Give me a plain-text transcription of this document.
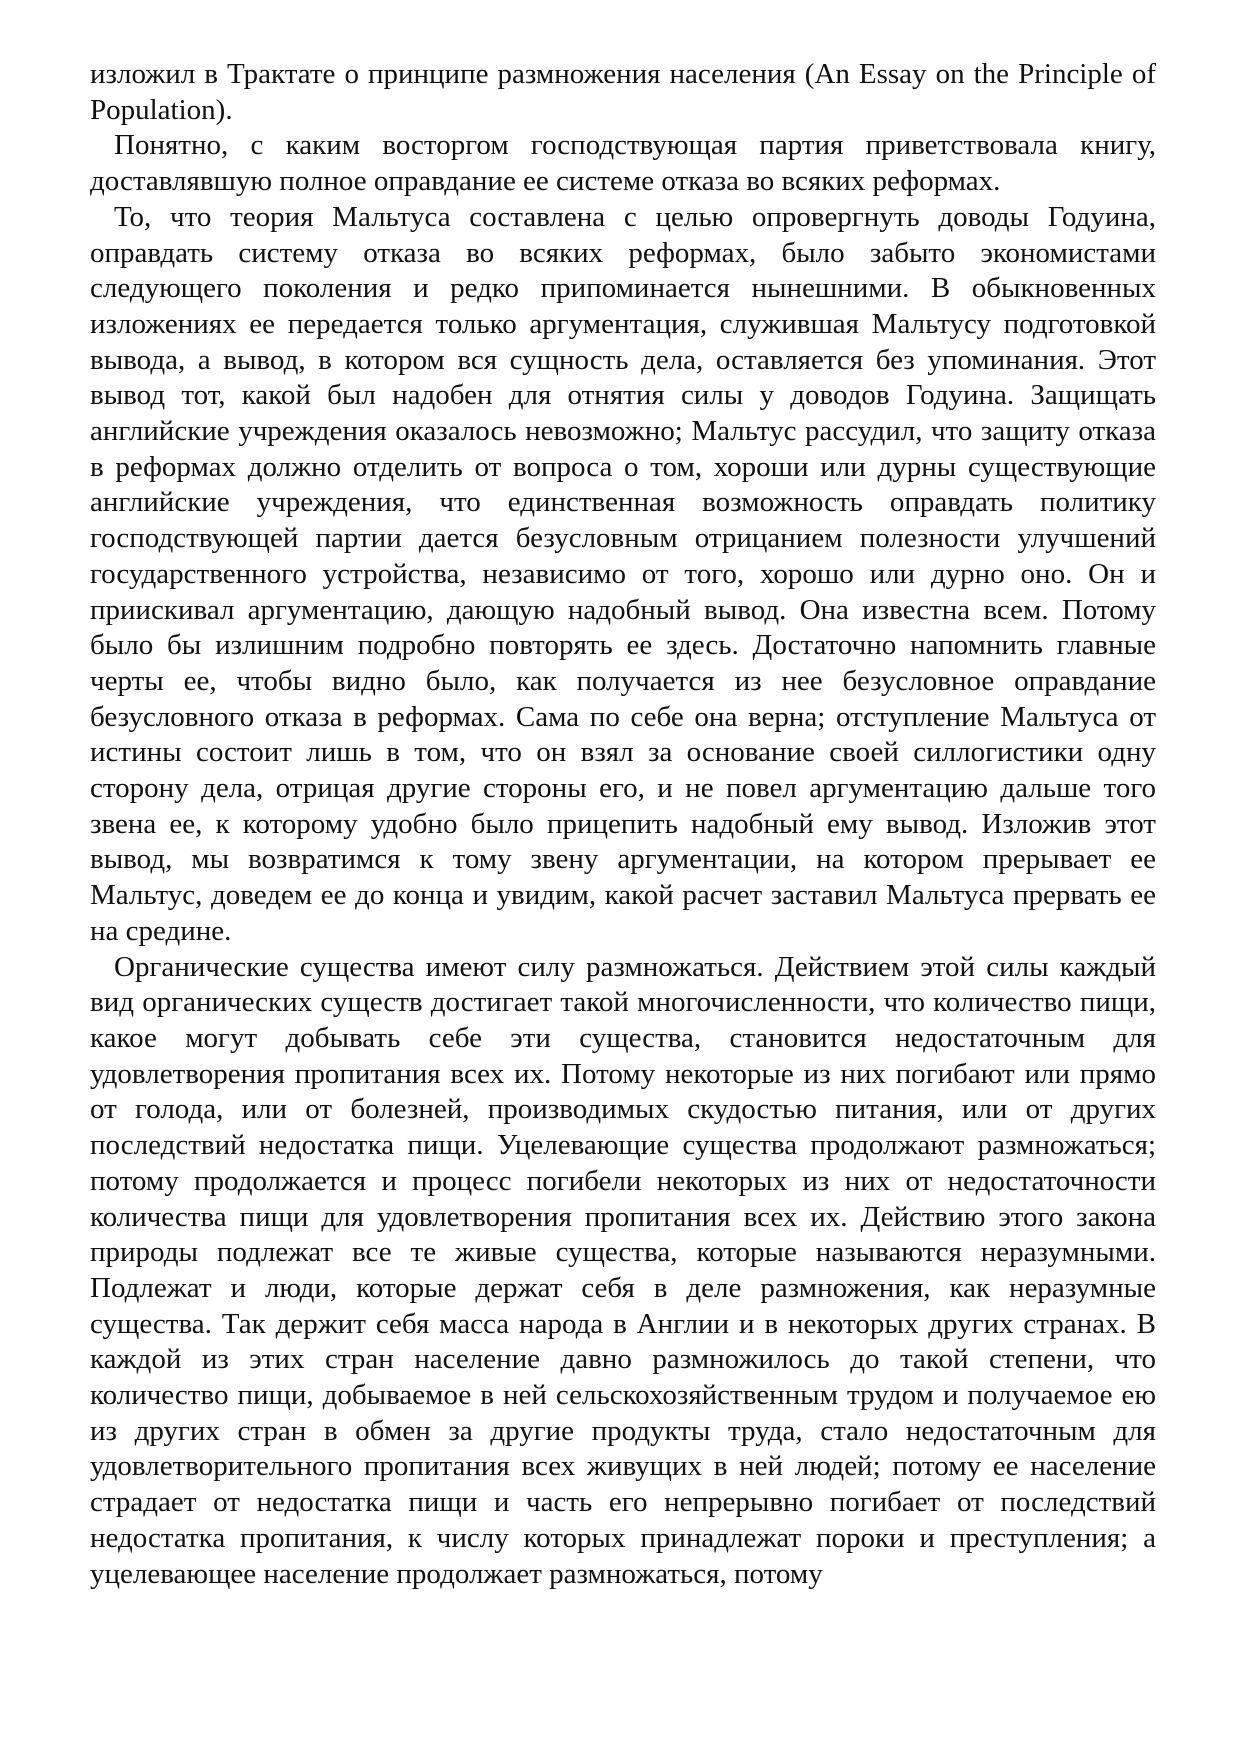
изложил в Трактате о принципе размножения населения (An Essay on the Principle of Population).

Понятно, с каким восторгом господствующая партия приветствовала книгу, доставлявшую полное оправдание ее системе отказа во всяких реформах.

То, что теория Мальтуса составлена с целью опровергнуть доводы Годуина, оправдать систему отказа во всяких реформах, было забыто экономистами следующего поколения и редко припоминается нынешними. В обыкновенных изложениях ее передается только аргументация, служившая Мальтусу подготовкой вывода, а вывод, в котором вся сущность дела, оставляется без упоминания. Этот вывод тот, какой был надобен для отнятия силы у доводов Годуина. Защищать английские учреждения оказалось невозможно; Мальтус рассудил, что защиту отказа в реформах должно отделить от вопроса о том, хороши или дурны существующие английские учреждения, что единственная возможность оправдать политику господствующей партии дается безусловным отрицанием полезности улучшений государственного устройства, независимо от того, хорошо или дурно оно. Он и приискивал аргументацию, дающую надобный вывод. Она известна всем. Потому было бы излишним подробно повторять ее здесь. Достаточно напомнить главные черты ее, чтобы видно было, как получается из нее безусловное оправдание безусловного отказа в реформах. Сама по себе она верна; отступление Мальтуса от истины состоит лишь в том, что он взял за основание своей силлогистики одну сторону дела, отрицая другие стороны его, и не повел аргументацию дальше того звена ее, к которому удобно было прицепить надобный ему вывод. Изложив этот вывод, мы возвратимся к тому звену аргументации, на котором прерывает ее Мальтус, доведем ее до конца и увидим, какой расчет заставил Мальтуса прервать ее на средине.

Органические существа имеют силу размножаться. Действием этой силы каждый вид органических существ достигает такой многочисленности, что количество пищи, какое могут добывать себе эти существа, становится недостаточным для удовлетворения пропитания всех их. Потому некоторые из них погибают или прямо от голода, или от болезней, производимых скудостью питания, или от других последствий недостатка пищи. Уцелевающие существа продолжают размножаться; потому продолжается и процесс погибели некоторых из них от недостаточности количества пищи для удовлетворения пропитания всех их. Действию этого закона природы подлежат все те живые существа, которые называются неразумными. Подлежат и люди, которые держат себя в деле размножения, как неразумные существа. Так держит себя масса народа в Англии и в некоторых других странах. В каждой из этих стран население давно размножилось до такой степени, что количество пищи, добываемое в ней сельскохозяйственным трудом и получаемое ею из других стран в обмен за другие продукты труда, стало недостаточным для удовлетворительного пропитания всех живущих в ней людей; потому ее население страдает от недостатка пищи и часть его непрерывно погибает от последствий недостатка пропитания, к числу которых принадлежат пороки и преступления; а уцелевающее население продолжает размножаться, потому
